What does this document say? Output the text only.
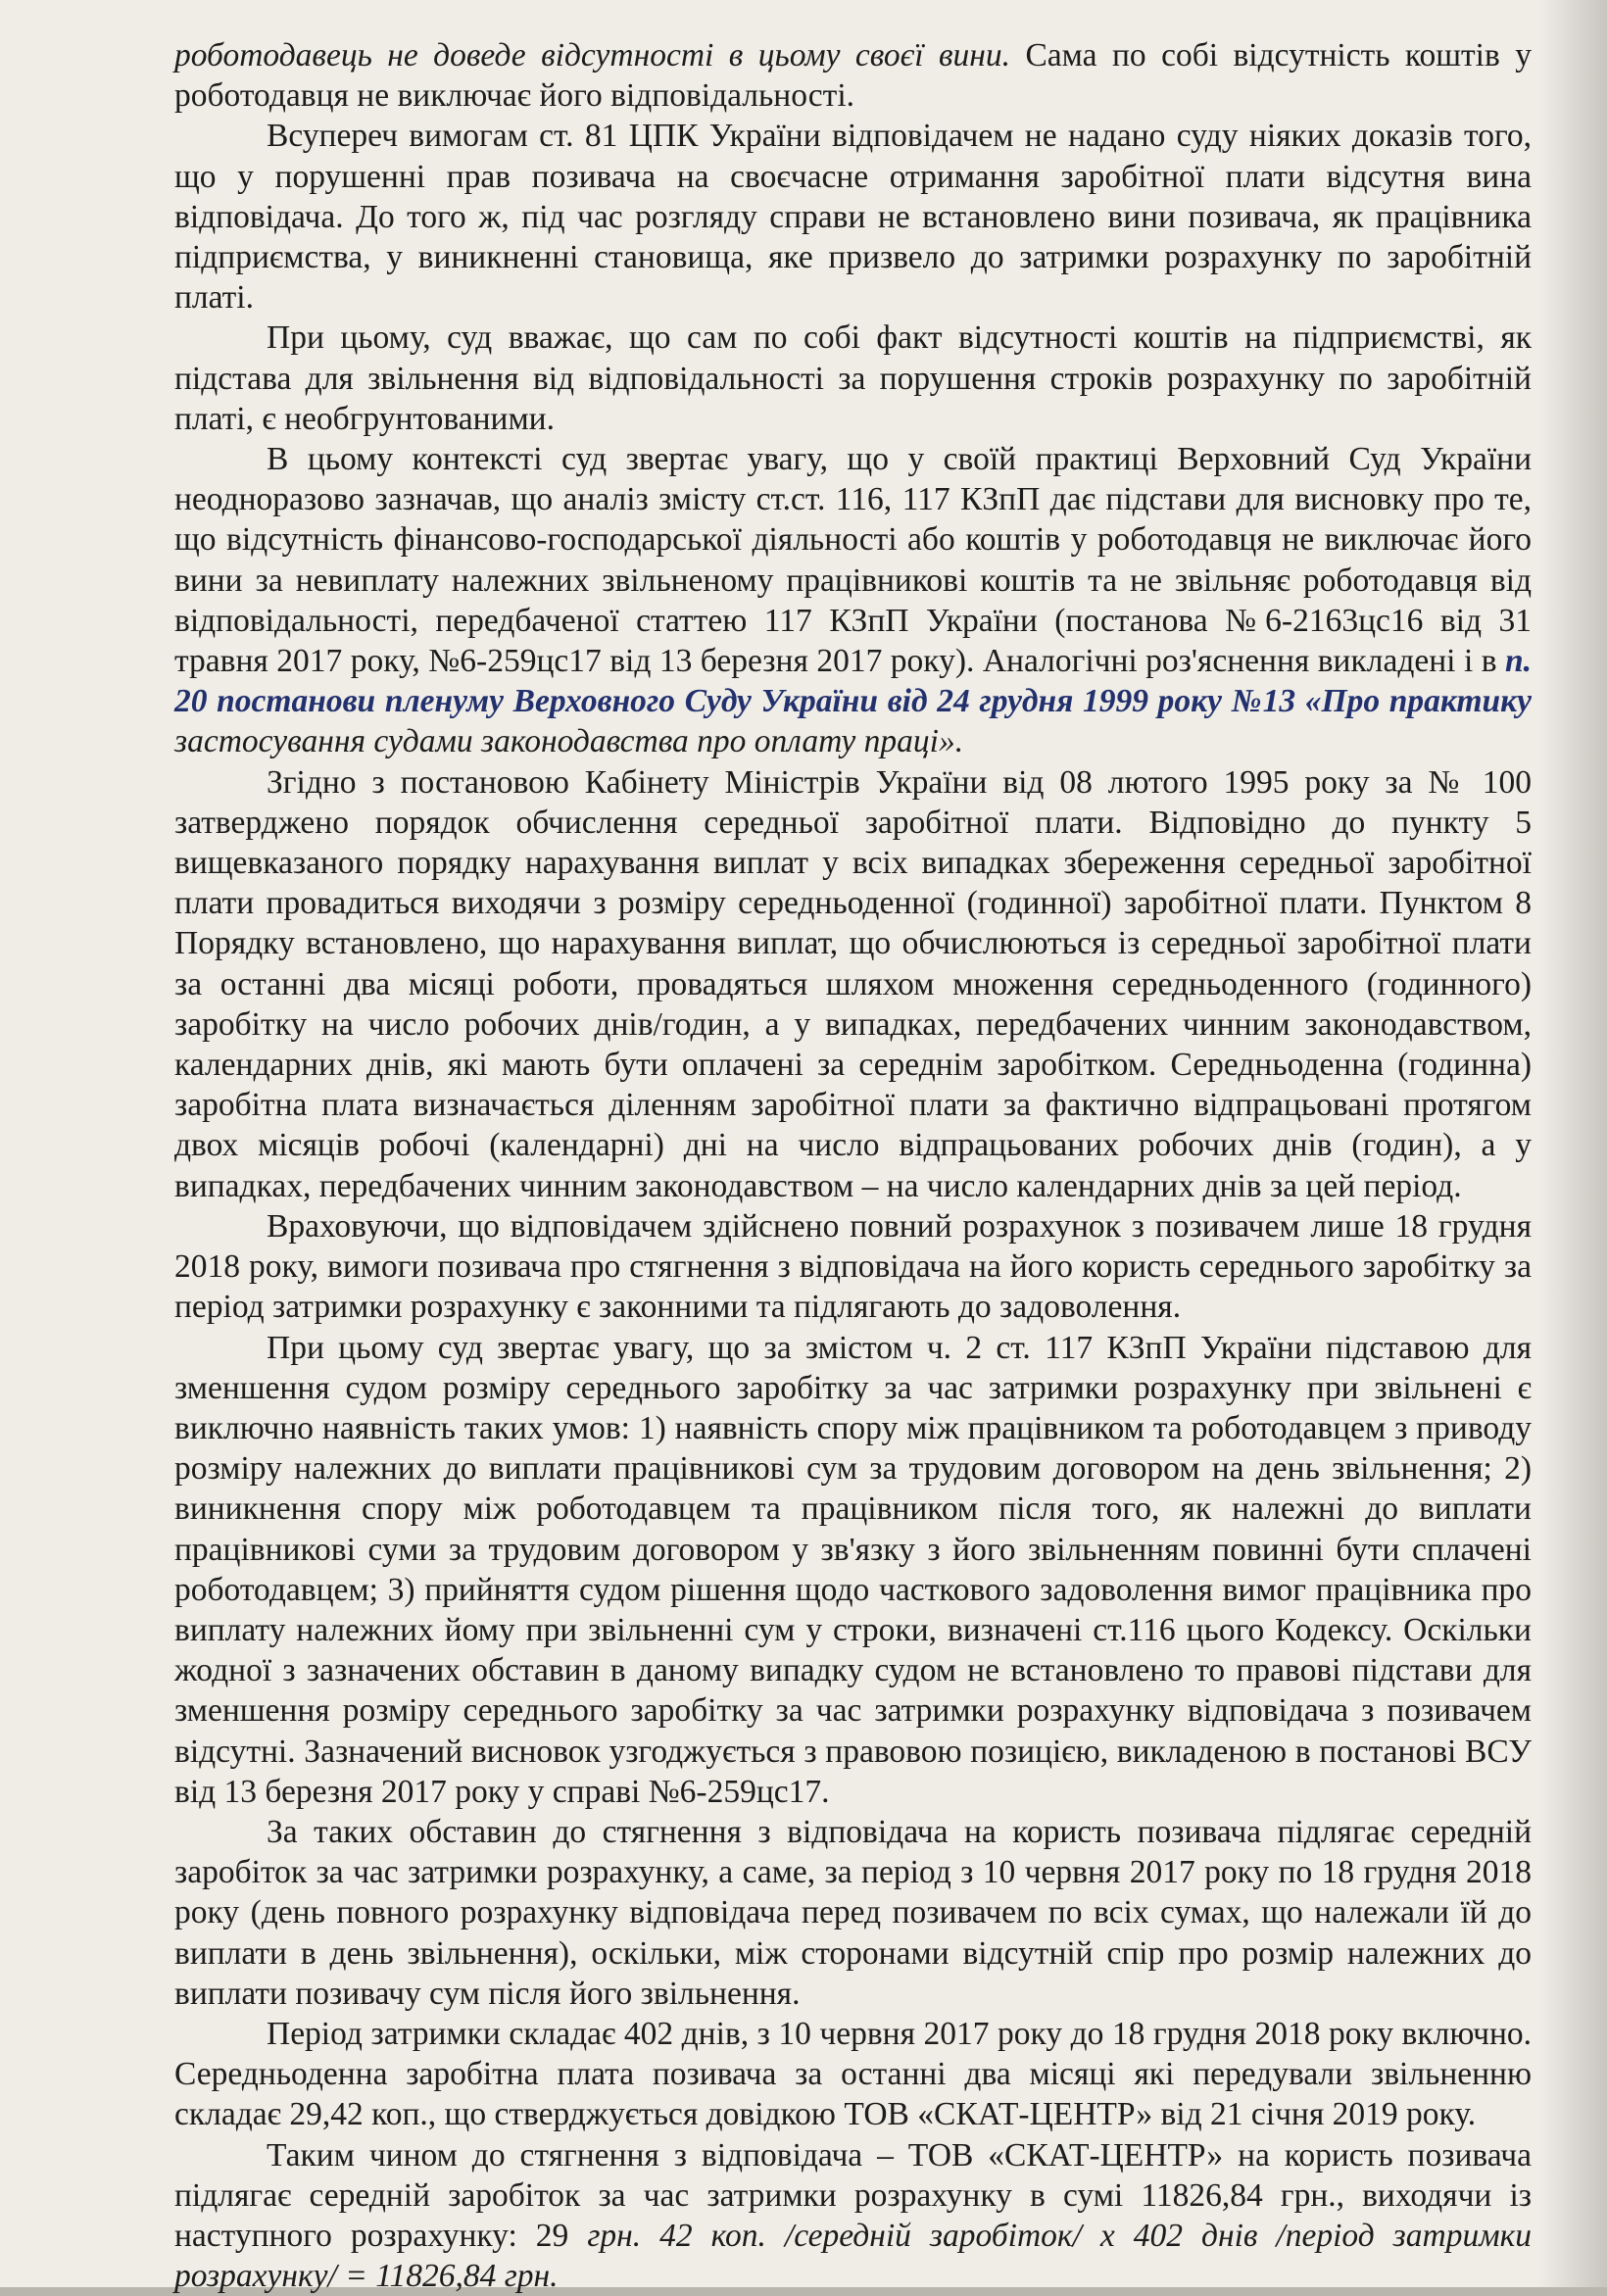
роботодавець не доведе відсутності в цьому своєї вини. Сама по собі відсутність коштів у роботодавця не виключає його відповідальності.

Всупереч вимогам ст. 81 ЦПК України відповідачем не надано суду ніяких доказів того, що у порушенні прав позивача на своєчасне отримання заробітної плати відсутня вина відповідача. До того ж, під час розгляду справи не встановлено вини позивача, як працівника підприємства, у виникненні становища, яке призвело до затримки розрахунку по заробітній платі.

При цьому, суд вважає, що сам по собі факт відсутності коштів на підприємстві, як підстава для звільнення від відповідальності за порушення строків розрахунку по заробітній платі, є необгрунтованими.

В цьому контексті суд звертає увагу, що у своїй практиці Верховний Суд України неодноразово зазначав, що аналіз змісту ст.ст. 116, 117 КЗпП дає підстави для висновку про те, що відсутність фінансово-господарської діяльності або коштів у роботодавця не виключає його вини за невиплату належних звільненому працівникові коштів та не звільняє роботодавця від відповідальності, передбаченої статтею 117 КЗпП України (постанова №6-2163цс16 від 31 травня 2017 року, №6-259цс17 від 13 березня 2017 року). Аналогічні роз'яснення викладені і в п. 20 постанови пленуму Верховного Суду України від 24 грудня 1999 року №13 «Про практику застосування судами законодавства про оплату праці».

Згідно з постановою Кабінету Міністрів України від 08 лютого 1995 року за № 100 затверджено порядок обчислення середньої заробітної плати. Відповідно до пункту 5 вищевказаного порядку нарахування виплат у всіх випадках збереження середньої заробітної плати провадиться виходячи з розміру середньоденної (годинної) заробітної плати. Пунктом 8 Порядку встановлено, що нарахування виплат, що обчислюються із середньої заробітної плати за останні два місяці роботи, провадяться шляхом множення середньоденного (годинного) заробітку на число робочих днів/годин, а у випадках, передбачених чинним законодавством, календарних днів, які мають бути оплачені за середнім заробітком. Середньоденна (годинна) заробітна плата визначається діленням заробітної плати за фактично відпрацьовані протягом двох місяців робочі (календарні) дні на число відпрацьованих робочих днів (годин), а у випадках, передбачених чинним законодавством – на число календарних днів за цей період.

Враховуючи, що відповідачем здійснено повний розрахунок з позивачем лише 18 грудня 2018 року, вимоги позивача про стягнення з відповідача на його користь середнього заробітку за період затримки розрахунку є законними та підлягають до задоволення.

При цьому суд звертає увагу, що за змістом ч. 2 ст. 117 КЗпП України підставою для зменшення судом розміру середнього заробітку за час затримки розрахунку при звільнені є виключно наявність таких умов: 1) наявність спору між працівником та роботодавцем з приводу розміру належних до виплати працівникові сум за трудовим договором на день звільнення; 2) виникнення спору між роботодавцем та працівником після того, як належні до виплати працівникові суми за трудовим договором у зв'язку з його звільненням повинні бути сплачені роботодавцем; 3) прийняття судом рішення щодо часткового задоволення вимог працівника про виплату належних йому при звільненні сум у строки, визначені ст.116 цього Кодексу. Оскільки жодної з зазначених обставин в даному випадку судом не встановлено то правові підстави для зменшення розміру середнього заробітку за час затримки розрахунку відповідача з позивачем відсутні. Зазначений висновок узгоджується з правовою позицією, викладеною в постанові ВСУ від 13 березня 2017 року у справі №6-259цс17.

За таких обставин до стягнення з відповідача на користь позивача підлягає середній заробіток за час затримки розрахунку, а саме, за період з 10 червня 2017 року по 18 грудня 2018 року (день повного розрахунку відповідача перед позивачем по всіх сумах, що належали їй до виплати в день звільнення), оскільки, між сторонами відсутній спір про розмір належних до виплати позивачу сум після його звільнення.

Період затримки складає 402 днів, з 10 червня 2017 року до 18 грудня 2018 року включно. Середньоденна заробітна плата позивача за останні два місяці які передували звільненню складає 29,42 коп., що стверджується довідкою ТОВ «СКАТ-ЦЕНТР» від 21 січня 2019 року.

Таким чином до стягнення з відповідача – ТОВ «СКАТ-ЦЕНТР» на користь позивача підлягає середній заробіток за час затримки розрахунку в сумі 11826,84 грн., виходячи із наступного розрахунку: 29 грн. 42 коп. /середній заробіток/ х 402 днів /період затримки розрахунку/ = 11826,84 грн.
